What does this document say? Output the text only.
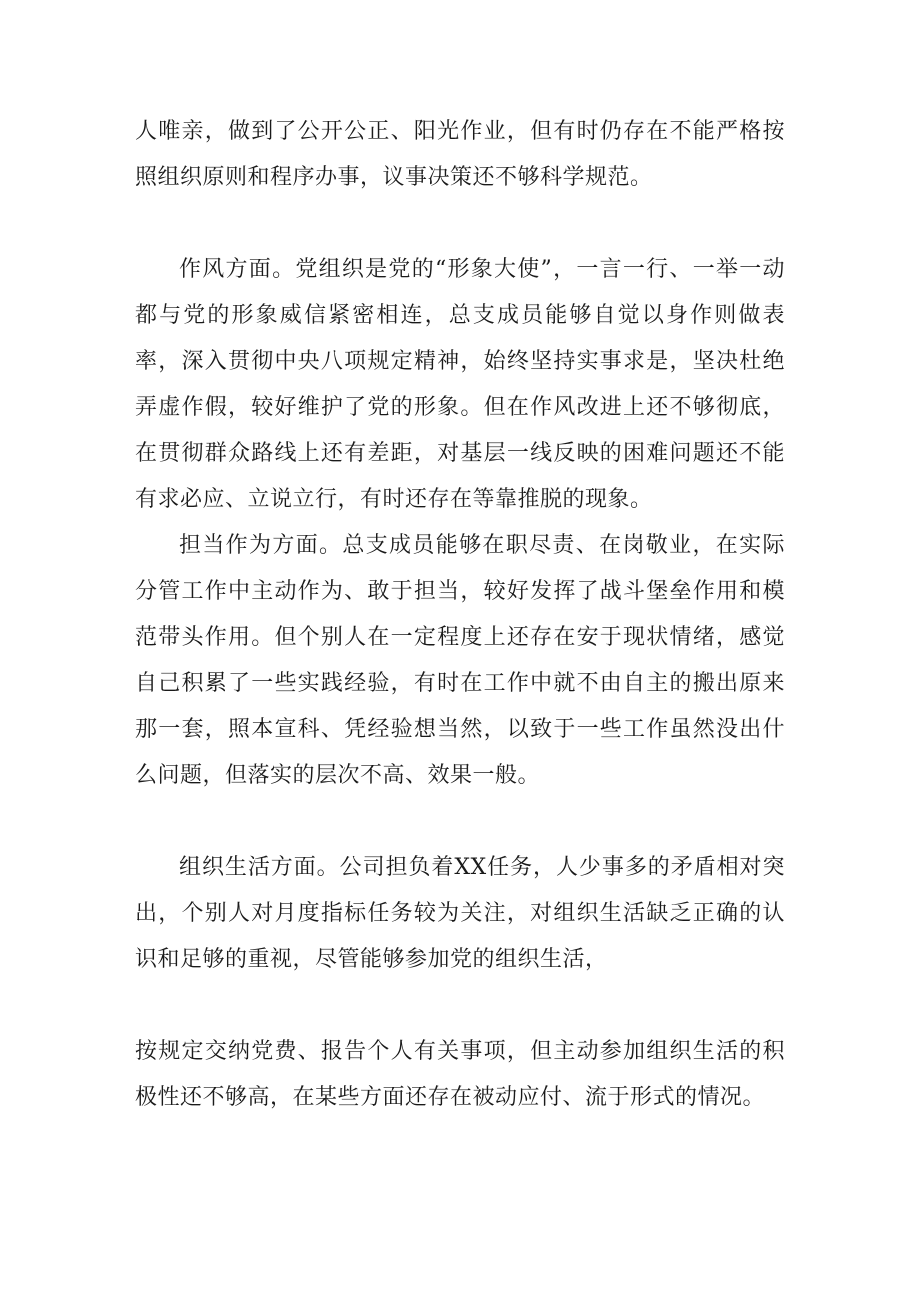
人唯亲，做到了公开公正、阳光作业，但有时仍存在不能严格按照组织原则和程序办事，议事决策还不够科学规范。

作风方面。党组织是党的“形象大使”，一言一行、一举一动都与党的形象威信紧密相连，总支成员能够自觉以身作则做表率，深入贯彻中央八项规定精神，始终坚持实事求是，坚决杜绝弄虚作假，较好维护了党的形象。但在作风改进上还不够彻底，在贯彻群众路线上还有差距，对基层一线反映的困难问题还不能有求必应、立说立行，有时还存在等靠推脱的现象。

担当作为方面。总支成员能够在职尽责、在岗敬业，在实际分管工作中主动作为、敢于担当，较好发挥了战斗堡垒作用和模范带头作用。但个别人在一定程度上还存在安于现状情绪，感觉自己积累了一些实践经验，有时在工作中就不由自主的搬出原来那一套，照本宣科、凭经验想当然，以致于一些工作虽然没出什么问题，但落实的层次不高、效果一般。

组织生活方面。公司担负着XX任务，人少事多的矛盾相对突出，个别人对月度指标任务较为关注，对组织生活缺乏正确的认识和足够的重视，尽管能够参加党的组织生活，

按规定交纳党费、报告个人有关事项，但主动参加组织生活的积极性还不够高，在某些方面还存在被动应付、流于形式的情况。
